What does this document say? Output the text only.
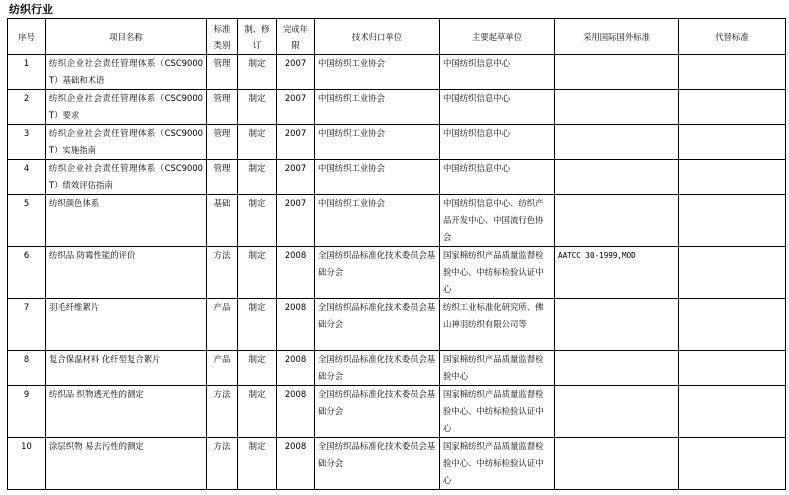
纺织行业
序号	项目名称	标准类别	制、修订	完成年限	技术归口单位	主要起草单位	采用国际国外标准	代替标准
1	纺织企业社会责任管理体系（CSC9000T）基础和术语	管理	制定	2007	中国纺织工业协会	中国纺织信息中心		
2	纺织企业社会责任管理体系（CSC9000T）要求	管理	制定	2007	中国纺织工业协会	中国纺织信息中心		
3	纺织企业社会责任管理体系（CSC9000T）实施指南	管理	制定	2007	中国纺织工业协会	中国纺织信息中心		
4	纺织企业社会责任管理体系（CSC9000T）绩效评估指南	管理	制定	2007	中国纺织工业协会	中国纺织信息中心		
5	纺织颜色体系	基础	制定	2007	中国纺织工业协会	中国纺织信息中心、纺织产品开发中心、中国流行色协会		
6	纺织品 防霉性能的评价	方法	制定	2008	全国纺织品标准化技术委员会基础分会	国家棉纺织产品质量监督检验中心、中纺标检验认证中心	AATCC 30-1999,MOD	
7	羽毛纤维絮片	产品	制定	2008	全国纺织品标准化技术委员会基础分会	纺织工业标准化研究所、佛山神羽纺织有限公司等		
8	复合保温材料 化纤型复合絮片	产品	制定	2008	全国纺织品标准化技术委员会基础分会	国家棉纺织产品质量监督检验中心		
9	纺织品 织物透光性的测定	方法	制定	2008	全国纺织品标准化技术委员会基础分会	国家棉纺织产品质量监督检验中心、中纺标检验认证中心		
10	涂层织物 易去污性的测定	方法	制定	2008	全国纺织品标准化技术委员会基础分会	国家棉纺织产品质量监督检验中心、中纺标检验认证中心		
